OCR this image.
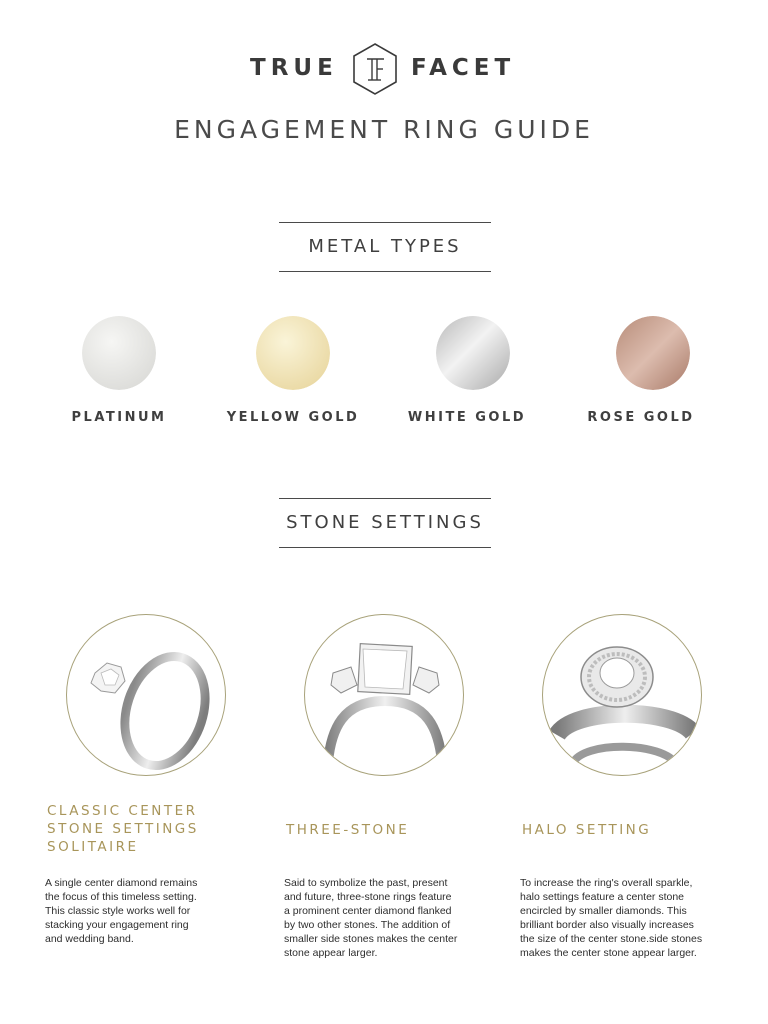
TRUE	FACET
ENGAGEMENT RING GUIDE
METAL TYPES
PLATINUM	YELLOW GOLD	WHITE GOLD	ROSE GOLD
STONE SETTINGS
CLASSIC CENTER
STONE SETTINGS
SOLITAIRE
THREE-STONE	HALO SETTING
A single center diamond remains
the focus of this timeless setting.
This classic style works well for
stacking your engagement ring
and wedding band.
Said to symbolize the past, present
and future, three-stone rings feature
a prominent center diamond flanked
by two other stones. The addition of
smaller side stones makes the center
stone appear larger.
To increase the ring's overall sparkle,
halo settings feature a center stone
encircled by smaller diamonds. This
brilliant border also visually increases
the size of the center stone.side stones
makes the center stone appear larger.
